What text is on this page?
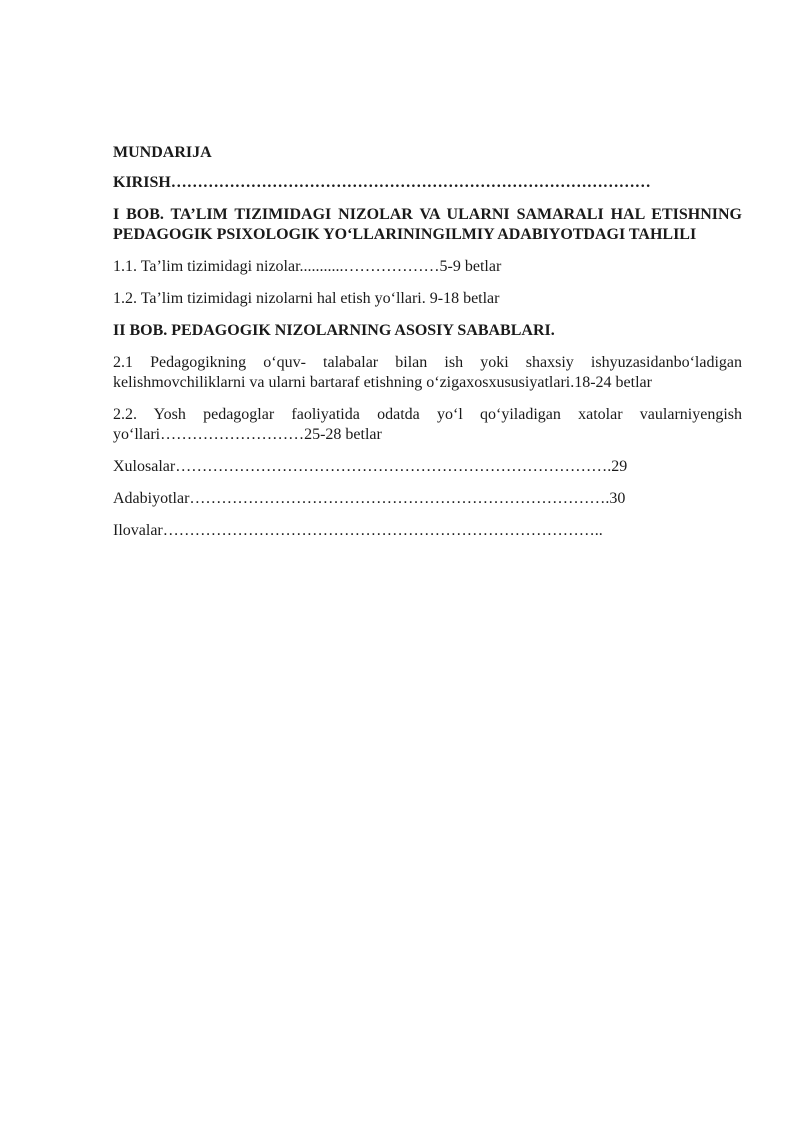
MUNDARIJA

KIRISH………………………………………………………………………………

I BOB. TA’LIM TIZIMIDAGI NIZOLAR VA ULARNI SAMARALI HAL ETISHNING PEDAGOGIK PSIXOLOGIK YO‘LLARININGILMIY ADABIYOTDAGI TAHLILI

1.1. Ta’lim tizimidagi nizolar...........………………5-9 betlar

1.2. Ta’lim tizimidagi nizolarni hal etish yo‘llari. 9-18 betlar

II BOB. PEDAGOGIK NIZOLARNING ASOSIY SABABLARI.

2.1 Pedagogikning o‘quv- talabalar bilan ish yoki shaxsiy ishyuzasidanbo‘ladigan kelishmovchiliklarni va ularni bartaraf etishning o‘zigaxosxususiyatlari.18-24 betlar

2.2. Yosh pedagoglar faoliyatida odatda yo‘l qo‘yiladigan xatolar vaularniyengish yo‘llari………………………25-28 betlar

Xulosalar……………………………………………………………………….29

Adabiyotlar…………………………………………………………………….30

Ilovalar………………………………………………………………………..
